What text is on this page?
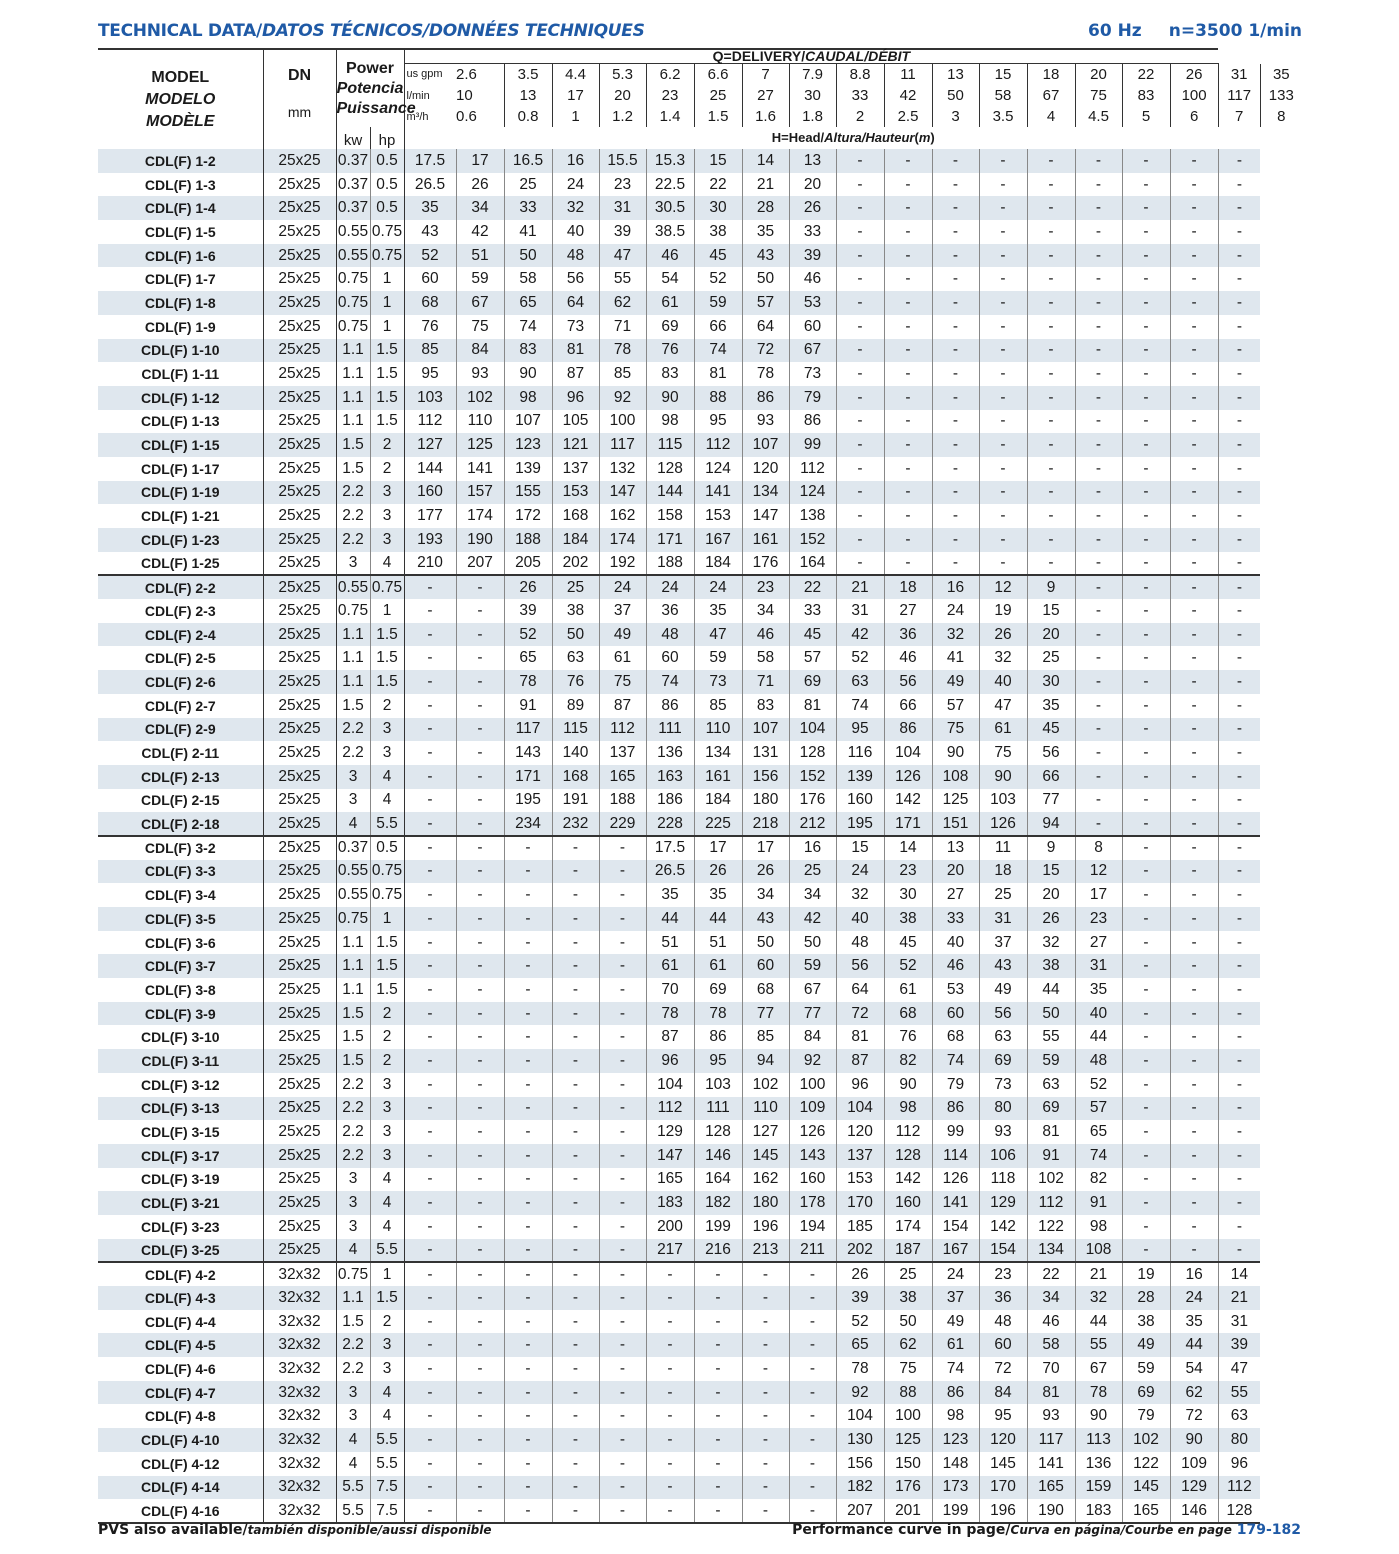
TECHNICAL DATA/DATOS TÉCNICOS/DONNÉES TECHNIQUES	60 Hz n=3500 1/min
MODEL
MODELO
MODÈLE	DN
mm	Power
Potencia
Puissance		Q=DELIVERY/CAUDAL/DÉBIT																		
				us gpm	2.6	3.5	4.4	5.3	6.2	6.6	7	7.9	8.8	11	13	15	18	20	22	26	31	35
				l/min	10	13	17	20	23	25	27	30	33	42	50	58	67	75	83	100	117	133
				m³/h	0.6	0.8	1	1.2	1.4	1.5	1.6	1.8	2	2.5	3	3.5	4	4.5	5	6	7	8
		kw	hp	H=Head/Altura/Hauteur(m)																		
CDL(F) 1-2	25x25	0.37	0.5	17.5	17	16.5	16	15.5	15.3	15	14	13	-	-	-	-	-	-	-	-	-	
CDL(F) 1-3	25x25	0.37	0.5	26.5	26	25	24	23	22.5	22	21	20	-	-	-	-	-	-	-	-	-	
CDL(F) 1-4	25x25	0.37	0.5	35	34	33	32	31	30.5	30	28	26	-	-	-	-	-	-	-	-	-	
CDL(F) 1-5	25x25	0.55	0.75	43	42	41	40	39	38.5	38	35	33	-	-	-	-	-	-	-	-	-	
CDL(F) 1-6	25x25	0.55	0.75	52	51	50	48	47	46	45	43	39	-	-	-	-	-	-	-	-	-	
CDL(F) 1-7	25x25	0.75	1	60	59	58	56	55	54	52	50	46	-	-	-	-	-	-	-	-	-	
CDL(F) 1-8	25x25	0.75	1	68	67	65	64	62	61	59	57	53	-	-	-	-	-	-	-	-	-	
CDL(F) 1-9	25x25	0.75	1	76	75	74	73	71	69	66	64	60	-	-	-	-	-	-	-	-	-	
CDL(F) 1-10	25x25	1.1	1.5	85	84	83	81	78	76	74	72	67	-	-	-	-	-	-	-	-	-	
CDL(F) 1-11	25x25	1.1	1.5	95	93	90	87	85	83	81	78	73	-	-	-	-	-	-	-	-	-	
CDL(F) 1-12	25x25	1.1	1.5	103	102	98	96	92	90	88	86	79	-	-	-	-	-	-	-	-	-	
CDL(F) 1-13	25x25	1.1	1.5	112	110	107	105	100	98	95	93	86	-	-	-	-	-	-	-	-	-	
CDL(F) 1-15	25x25	1.5	2	127	125	123	121	117	115	112	107	99	-	-	-	-	-	-	-	-	-	
CDL(F) 1-17	25x25	1.5	2	144	141	139	137	132	128	124	120	112	-	-	-	-	-	-	-	-	-	
CDL(F) 1-19	25x25	2.2	3	160	157	155	153	147	144	141	134	124	-	-	-	-	-	-	-	-	-	
CDL(F) 1-21	25x25	2.2	3	177	174	172	168	162	158	153	147	138	-	-	-	-	-	-	-	-	-	
CDL(F) 1-23	25x25	2.2	3	193	190	188	184	174	171	167	161	152	-	-	-	-	-	-	-	-	-	
CDL(F) 1-25	25x25	3	4	210	207	205	202	192	188	184	176	164	-	-	-	-	-	-	-	-	-	
CDL(F) 2-2	25x25	0.55	0.75	-	-	26	25	24	24	24	23	22	21	18	16	12	9	-	-	-	-	
CDL(F) 2-3	25x25	0.75	1	-	-	39	38	37	36	35	34	33	31	27	24	19	15	-	-	-	-	
CDL(F) 2-4	25x25	1.1	1.5	-	-	52	50	49	48	47	46	45	42	36	32	26	20	-	-	-	-	
CDL(F) 2-5	25x25	1.1	1.5	-	-	65	63	61	60	59	58	57	52	46	41	32	25	-	-	-	-	
CDL(F) 2-6	25x25	1.1	1.5	-	-	78	76	75	74	73	71	69	63	56	49	40	30	-	-	-	-	
CDL(F) 2-7	25x25	1.5	2	-	-	91	89	87	86	85	83	81	74	66	57	47	35	-	-	-	-	
CDL(F) 2-9	25x25	2.2	3	-	-	117	115	112	111	110	107	104	95	86	75	61	45	-	-	-	-	
CDL(F) 2-11	25x25	2.2	3	-	-	143	140	137	136	134	131	128	116	104	90	75	56	-	-	-	-	
CDL(F) 2-13	25x25	3	4	-	-	171	168	165	163	161	156	152	139	126	108	90	66	-	-	-	-	
CDL(F) 2-15	25x25	3	4	-	-	195	191	188	186	184	180	176	160	142	125	103	77	-	-	-	-	
CDL(F) 2-18	25x25	4	5.5	-	-	234	232	229	228	225	218	212	195	171	151	126	94	-	-	-	-	
CDL(F) 3-2	25x25	0.37	0.5	-	-	-	-	-	17.5	17	17	16	15	14	13	11	9	8	-	-	-	
CDL(F) 3-3	25x25	0.55	0.75	-	-	-	-	-	26.5	26	26	25	24	23	20	18	15	12	-	-	-	
CDL(F) 3-4	25x25	0.55	0.75	-	-	-	-	-	35	35	34	34	32	30	27	25	20	17	-	-	-	
CDL(F) 3-5	25x25	0.75	1	-	-	-	-	-	44	44	43	42	40	38	33	31	26	23	-	-	-	
CDL(F) 3-6	25x25	1.1	1.5	-	-	-	-	-	51	51	50	50	48	45	40	37	32	27	-	-	-	
CDL(F) 3-7	25x25	1.1	1.5	-	-	-	-	-	61	61	60	59	56	52	46	43	38	31	-	-	-	
CDL(F) 3-8	25x25	1.1	1.5	-	-	-	-	-	70	69	68	67	64	61	53	49	44	35	-	-	-	
CDL(F) 3-9	25x25	1.5	2	-	-	-	-	-	78	78	77	77	72	68	60	56	50	40	-	-	-	
CDL(F) 3-10	25x25	1.5	2	-	-	-	-	-	87	86	85	84	81	76	68	63	55	44	-	-	-	
CDL(F) 3-11	25x25	1.5	2	-	-	-	-	-	96	95	94	92	87	82	74	69	59	48	-	-	-	
CDL(F) 3-12	25x25	2.2	3	-	-	-	-	-	104	103	102	100	96	90	79	73	63	52	-	-	-	
CDL(F) 3-13	25x25	2.2	3	-	-	-	-	-	112	111	110	109	104	98	86	80	69	57	-	-	-	
CDL(F) 3-15	25x25	2.2	3	-	-	-	-	-	129	128	127	126	120	112	99	93	81	65	-	-	-	
CDL(F) 3-17	25x25	2.2	3	-	-	-	-	-	147	146	145	143	137	128	114	106	91	74	-	-	-	
CDL(F) 3-19	25x25	3	4	-	-	-	-	-	165	164	162	160	153	142	126	118	102	82	-	-	-	
CDL(F) 3-21	25x25	3	4	-	-	-	-	-	183	182	180	178	170	160	141	129	112	91	-	-	-	
CDL(F) 3-23	25x25	3	4	-	-	-	-	-	200	199	196	194	185	174	154	142	122	98	-	-	-	
CDL(F) 3-25	25x25	4	5.5	-	-	-	-	-	217	216	213	211	202	187	167	154	134	108	-	-	-	
CDL(F) 4-2	32x32	0.75	1	-	-	-	-	-	-	-	-	-	26	25	24	23	22	21	19	16	14	
CDL(F) 4-3	32x32	1.1	1.5	-	-	-	-	-	-	-	-	-	39	38	37	36	34	32	28	24	21	
CDL(F) 4-4	32x32	1.5	2	-	-	-	-	-	-	-	-	-	52	50	49	48	46	44	38	35	31	
CDL(F) 4-5	32x32	2.2	3	-	-	-	-	-	-	-	-	-	65	62	61	60	58	55	49	44	39	
CDL(F) 4-6	32x32	2.2	3	-	-	-	-	-	-	-	-	-	78	75	74	72	70	67	59	54	47	
CDL(F) 4-7	32x32	3	4	-	-	-	-	-	-	-	-	-	92	88	86	84	81	78	69	62	55	
CDL(F) 4-8	32x32	3	4	-	-	-	-	-	-	-	-	-	104	100	98	95	93	90	79	72	63	
CDL(F) 4-10	32x32	4	5.5	-	-	-	-	-	-	-	-	-	130	125	123	120	117	113	102	90	80	
CDL(F) 4-12	32x32	4	5.5	-	-	-	-	-	-	-	-	-	156	150	148	145	141	136	122	109	96	
CDL(F) 4-14	32x32	5.5	7.5	-	-	-	-	-	-	-	-	-	182	176	173	170	165	159	145	129	112	
CDL(F) 4-16	32x32	5.5	7.5	-	-	-	-	-	-	-	-	-	207	201	199	196	190	183	165	146	128	
PVS also available/también disponible/aussi disponible	Performance curve in page/Curva en página/Courbe en page 179-182
